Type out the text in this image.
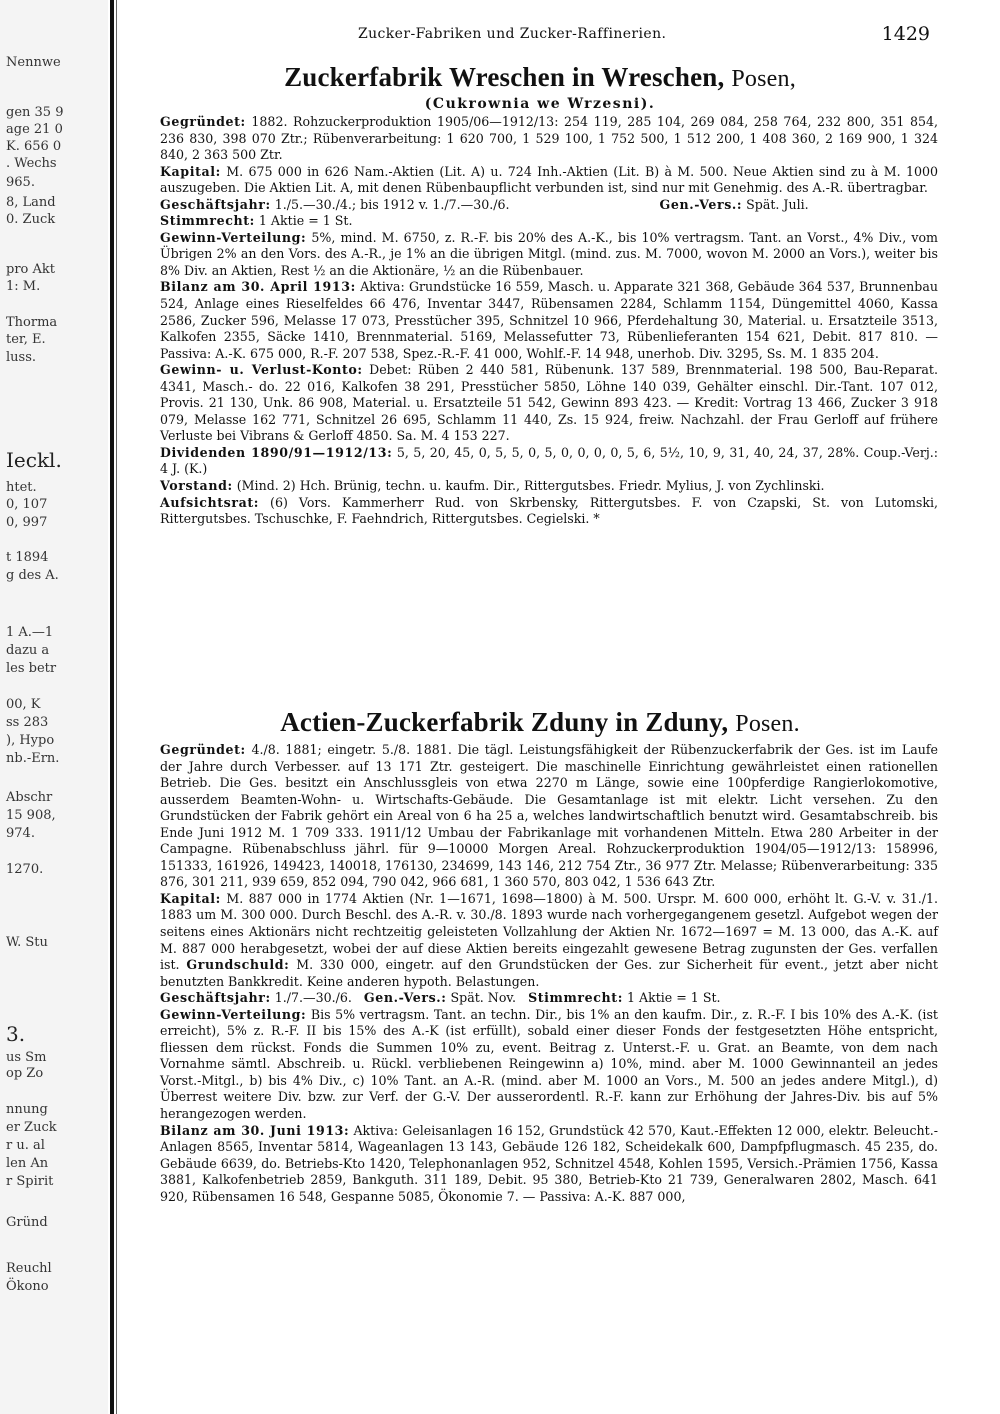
Nennwe
gen 35 9
age 21 0
K. 656 0
. Wechs
965.
8, Land
0. Zuck
pro Akt
1: M.
Thorma
ter, E.
luss.
Ieckl.
htet.
0, 107
0, 997
t 1894
g des A.
1 A.—1
dazu a
les betr
00, K
ss 283
), Hypo
nb.-Ern.
Abschr
15 908,
974.
1270.
W. Stu
3.
us Sm
op Zo
nnung
er Zuck
r u. al
len An
r Spirit
Gründ
Reuchl
Ökono
Zucker-Fabriken und Zucker-Raffinerien.	1429
Zuckerfabrik Wreschen in Wreschen, Posen,
(Cukrownia we Wrzesni).

Gegründet: 1882. Rohzuckerproduktion 1905/06—1912/13: 254 119, 285 104, 269 084, 258 764, 232 800, 351 854, 236 830, 398 070 Ztr.; Rübenverarbeitung: 1 620 700, 1 529 100, 1 752 500, 1 512 200, 1 408 360, 2 169 900, 1 324 840, 2 363 500 Ztr.

Kapital: M. 675 000 in 626 Nam.-Aktien (Lit. A) u. 724 Inh.-Aktien (Lit. B) à M. 500. Neue Aktien sind zu à M. 1000 auszugeben. Die Aktien Lit. A, mit denen Rübenbaupflicht verbunden ist, sind nur mit Genehmig. des A.-R. übertragbar.

Geschäftsjahr: 1./5.—30./4.; bis 1912 v. 1./7.—30./6.	Gen.-Vers.: Spät. Juli.

Stimmrecht: 1 Aktie = 1 St.

Gewinn-Verteilung: 5%, mind. M. 6750, z. R.-F. bis 20% des A.-K., bis 10% vertragsm. Tant. an Vorst., 4% Div., vom Übrigen 2% an den Vors. des A.-R., je 1% an die übrigen Mitgl. (mind. zus. M. 7000, wovon M. 2000 an Vors.), weiter bis 8% Div. an Aktien, Rest ½ an die Aktionäre, ½ an die Rübenbauer.

Bilanz am 30. April 1913: Aktiva: Grundstücke 16 559, Masch. u. Apparate 321 368, Gebäude 364 537, Brunnenbau 524, Anlage eines Rieselfeldes 66 476, Inventar 3447, Rübensamen 2284, Schlamm 1154, Düngemittel 4060, Kassa 2586, Zucker 596, Melasse 17 073, Presstücher 395, Schnitzel 10 966, Pferdehaltung 30, Material. u. Ersatzteile 3513, Kalkofen 2355, Säcke 1410, Brennmaterial. 5169, Melassefutter 73, Rübenlieferanten 154 621, Debit. 817 810. — Passiva: A.-K. 675 000, R.-F. 207 538, Spez.-R.-F. 41 000, Wohlf.-F. 14 948, unerhob. Div. 3295, Ss. M. 1 835 204.

Gewinn- u. Verlust-Konto: Debet: Rüben 2 440 581, Rübenunk. 137 589, Brennmaterial. 198 500, Bau-Reparat. 4341, Masch.- do. 22 016, Kalkofen 38 291, Presstücher 5850, Löhne 140 039, Gehälter einschl. Dir.-Tant. 107 012, Provis. 21 130, Unk. 86 908, Material. u. Ersatzteile 51 542, Gewinn 893 423. — Kredit: Vortrag 13 466, Zucker 3 918 079, Melasse 162 771, Schnitzel 26 695, Schlamm 11 440, Zs. 15 924, freiw. Nachzahl. der Frau Gerloff auf frühere Verluste bei Vibrans & Gerloff 4850. Sa. M. 4 153 227.

Dividenden 1890/91—1912/13: 5, 5, 20, 45, 0, 5, 5, 0, 5, 0, 0, 0, 0, 5, 6, 5½, 10, 9, 31, 40, 24, 37, 28%. Coup.-Verj.: 4 J. (K.)

Vorstand: (Mind. 2) Hch. Brünig, techn. u. kaufm. Dir., Rittergutsbes. Friedr. Mylius, J. von Zychlinski.

Aufsichtsrat: (6) Vors. Kammerherr Rud. von Skrbensky, Rittergutsbes. F. von Czapski, St. von Lutomski, Rittergutsbes. Tschuschke, F. Faehndrich, Rittergutsbes. Cegielski. *

Actien-Zuckerfabrik Zduny in Zduny, Posen.

Gegründet: 4./8. 1881; eingetr. 5./8. 1881. Die tägl. Leistungsfähigkeit der Rübenzuckerfabrik der Ges. ist im Laufe der Jahre durch Verbesser. auf 13 171 Ztr. gesteigert. Die maschinelle Einrichtung gewährleistet einen rationellen Betrieb. Die Ges. besitzt ein Anschlussgleis von etwa 2270 m Länge, sowie eine 100pferdige Rangierlokomotive, ausserdem Beamten-Wohn- u. Wirtschafts-Gebäude. Die Gesamtanlage ist mit elektr. Licht versehen. Zu den Grundstücken der Fabrik gehört ein Areal von 6 ha 25 a, welches landwirtschaftlich benutzt wird. Gesamtabschreib. bis Ende Juni 1912 M. 1 709 333. 1911/12 Umbau der Fabrikanlage mit vorhandenen Mitteln. Etwa 280 Arbeiter in der Campagne. Rübenabschluss jährl. für 9—10000 Morgen Areal. Rohzuckerproduktion 1904/05—1912/13: 158996, 151333, 161926, 149423, 140018, 176130, 234699, 143 146, 212 754 Ztr., 36 977 Ztr. Melasse; Rübenverarbeitung: 335 876, 301 211, 939 659, 852 094, 790 042, 966 681, 1 360 570, 803 042, 1 536 643 Ztr.

Kapital: M. 887 000 in 1774 Aktien (Nr. 1—1671, 1698—1800) à M. 500. Urspr. M. 600 000, erhöht lt. G.-V. v. 31./1. 1883 um M. 300 000. Durch Beschl. des A.-R. v. 30./8. 1893 wurde nach vorhergegangenem gesetzl. Aufgebot wegen der seitens eines Aktionärs nicht rechtzeitig geleisteten Vollzahlung der Aktien Nr. 1672—1697 = M. 13 000, das A.-K. auf M. 887 000 herabgesetzt, wobei der auf diese Aktien bereits eingezahlt gewesene Betrag zugunsten der Ges. verfallen ist. Grundschuld: M. 330 000, eingetr. auf den Grundstücken der Ges. zur Sicherheit für event., jetzt aber nicht benutzten Bankkredit. Keine anderen hypoth. Belastungen.

Geschäftsjahr: 1./7.—30./6. Gen.-Vers.: Spät. Nov. Stimmrecht: 1 Aktie = 1 St.

Gewinn-Verteilung: Bis 5% vertragsm. Tant. an techn. Dir., bis 1% an den kaufm. Dir., z. R.-F. I bis 10% des A.-K. (ist erreicht), 5% z. R.-F. II bis 15% des A.-K (ist erfüllt), sobald einer dieser Fonds der festgesetzten Höhe entspricht, fliessen dem rückst. Fonds die Summen 10% zu, event. Beitrag z. Unterst.-F. u. Grat. an Beamte, von dem nach Vornahme sämtl. Abschreib. u. Rückl. verbliebenen Reingewinn a) 10%, mind. aber M. 1000 Gewinnanteil an jedes Vorst.-Mitgl., b) bis 4% Div., c) 10% Tant. an A.-R. (mind. aber M. 1000 an Vors., M. 500 an jedes andere Mitgl.), d) Überrest weitere Div. bzw. zur Verf. der G.-V. Der ausserordentl. R.-F. kann zur Erhöhung der Jahres-Div. bis auf 5% herangezogen werden.

Bilanz am 30. Juni 1913: Aktiva: Geleisanlagen 16 152, Grundstück 42 570, Kaut.-Effekten 12 000, elektr. Beleucht.-Anlagen 8565, Inventar 5814, Wageanlagen 13 143, Gebäude 126 182, Scheidekalk 600, Dampfpflugmasch. 45 235, do. Gebäude 6639, do. Betriebs-Kto 1420, Telephonanlagen 952, Schnitzel 4548, Kohlen 1595, Versich.-Prämien 1756, Kassa 3881, Kalkofenbetrieb 2859, Bankguth. 311 189, Debit. 95 380, Betrieb-Kto 21 739, Generalwaren 2802, Masch. 641 920, Rübensamen 16 548, Gespanne 5085, Ökonomie 7. — Passiva: A.-K. 887 000,
